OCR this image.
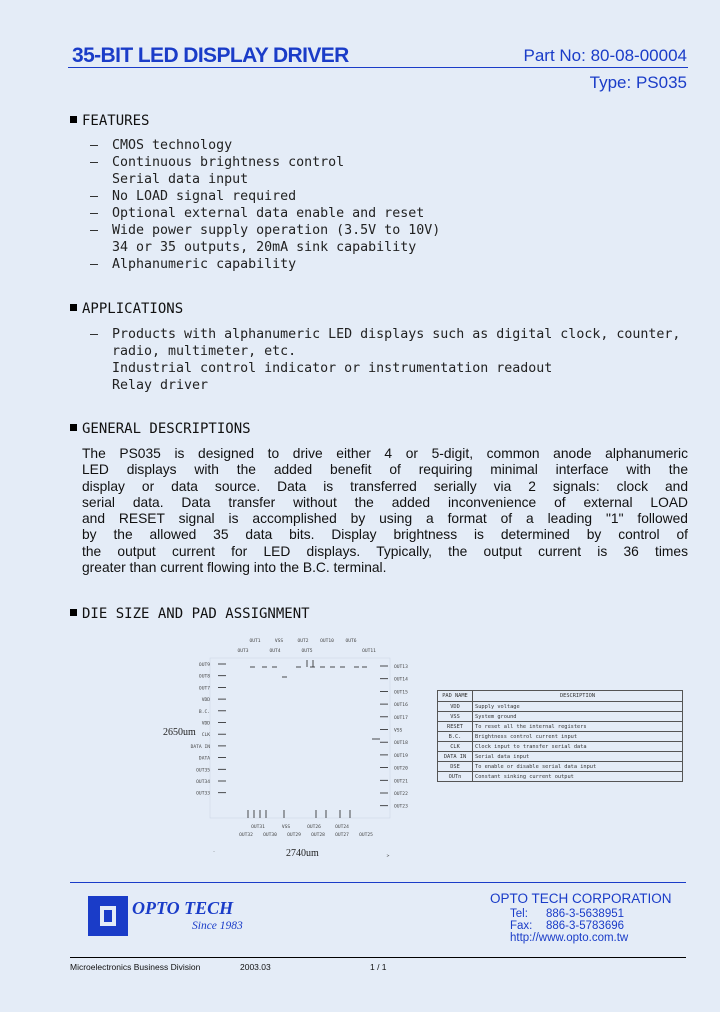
35-BIT LED DISPLAY DRIVER	Part No: 80-08-00004
Type: PS035
FEATURES
— CMOS technology
— Continuous brightness control
Serial data input
— No LOAD signal required
— Optional external data enable and reset
— Wide power supply operation (3.5V to 10V)
34 or 35 outputs, 20mA sink capability
— Alphanumeric capability
APPLICATIONS
— Products with alphanumeric LED displays such as digital clock, counter,
radio, multimeter, etc.
Industrial control indicator or instrumentation readout
Relay driver
GENERAL DESCRIPTIONS
The PS035 is designed to drive either 4 or 5-digit, common anode alphanumeric
LED displays with the added benefit of requiring minimal interface with the
display or data source. Data is transferred serially via 2 signals: clock and
serial data. Data transfer without the added inconvenience of external LOAD
and RESET signal is accomplished by using a format of a leading "1" followed
by the allowed 35 data bits. Display brightness is determined by control of
the output current for LED displays. Typically, the output current is 36 times
greater than current flowing into the B.C. terminal.
DIE SIZE AND PAD ASSIGNMENT
OUT1	VSS	OUT2	OUT10	OUT6
OUT3	OUT4	OUT5	OUT11
OUT9
OUT8
OUT7
VDD
B.C.
VDD
CLK
DATA IN
DATA
OUT35
OUT34
OUT33
OUT13
OUT14
OUT15
OUT16
OUT17
VSS
OUT18
OUT19
OUT20
OUT21
OUT22
OUT23
OUT31	VSS	OUT26	OUT24
OUT32 OUT30 OUT29 OUT28 OUT27 OUT25
·
>
2650um
2740um
PAD NAME	DESCRIPTION
VDD	Supply voltage
VSS	System ground
RESET	To reset all the internal registers
B.C.	Brightness control current input
CLK	Clock input to transfer serial data
DATA IN	Serial data input
DSE	To enable or disable serial data input
OUTn	Constant sinking current output
OPTO TECH
Since 1983
OPTO TECH CORPORATION
Tel: 886-3-5638951
Fax: 886-3-5783696
http://www.opto.com.tw
Microelectronics Business Division	2003.03	1 / 1
